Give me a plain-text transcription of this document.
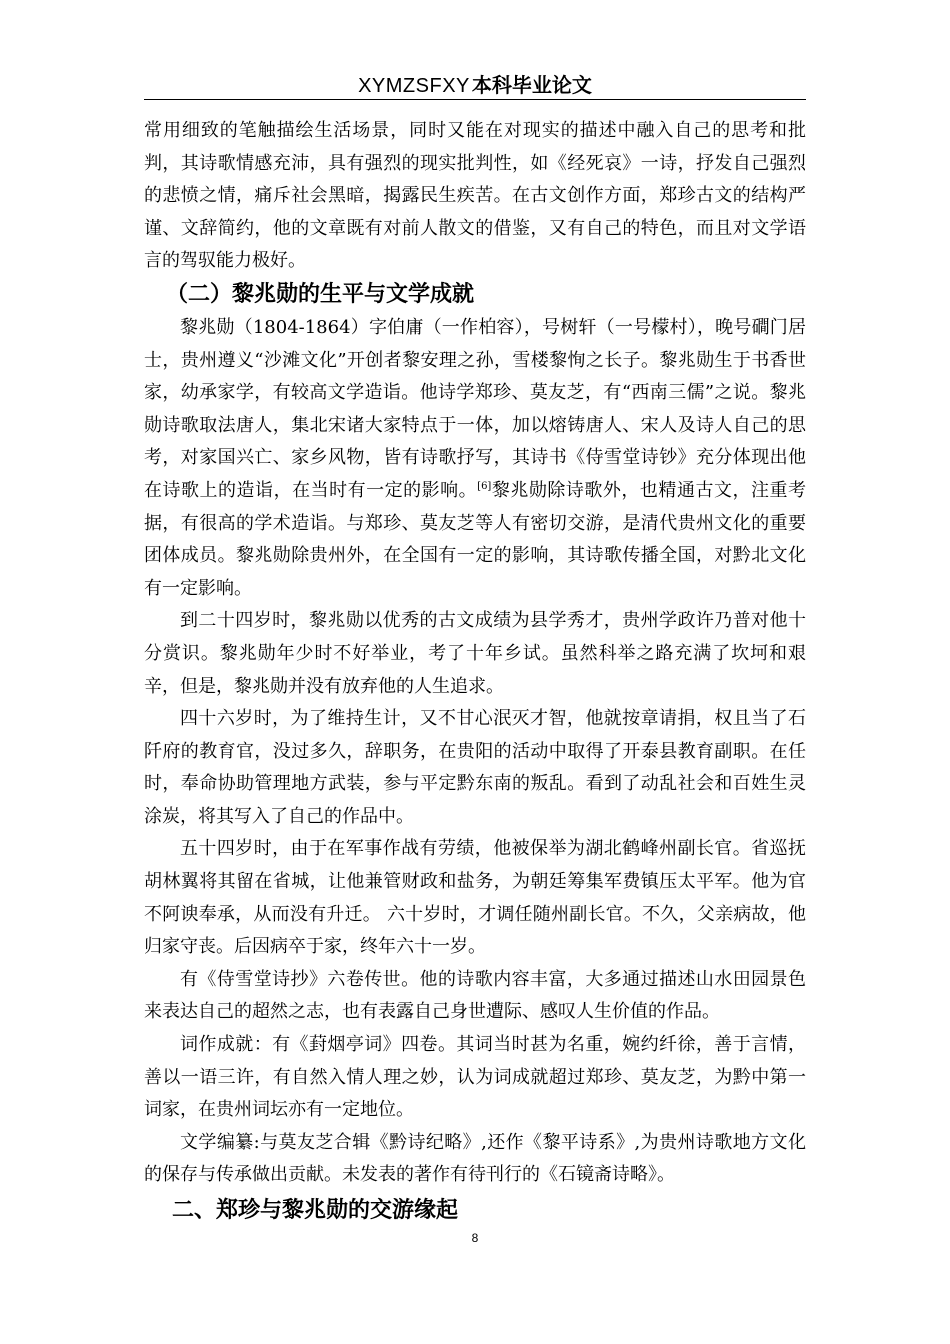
XYMZSFXY 本科毕业论文

常用细致的笔触描绘生活场景，同时又能在对现实的描述中融入自己的思考和批判，其诗歌情感充沛，具有强烈的现实批判性，如《经死哀》一诗，抒发自己强烈的悲愤之情，痛斥社会黑暗，揭露民生疾苦。在古文创作方面，郑珍古文的结构严谨、文辞简约，他的文章既有对前人散文的借鉴，又有自己的特色，而且对文学语言的驾驭能力极好。

（二）黎兆勋的生平与文学成就

黎兆勋（1804-1864）字伯庸（一作柏容），号树轩（一号檬村），晚号磵门居士，贵州遵义“沙滩文化”开创者黎安理之孙，雪楼黎恂之长子。黎兆勋生于书香世家，幼承家学，有较高文学造诣。他诗学郑珍、莫友芝，有“西南三儒”之说。黎兆勋诗歌取法唐人，集北宋诸大家特点于一体，加以熔铸唐人、宋人及诗人自己的思考，对家国兴亡、家乡风物，皆有诗歌抒写，其诗书《侍雪堂诗钞》充分体现出他在诗歌上的造诣，在当时有一定的影响。[6]黎兆勋除诗歌外，也精通古文，注重考据，有很高的学术造诣。与郑珍、莫友芝等人有密切交游，是清代贵州文化的重要团体成员。黎兆勋除贵州外，在全国有一定的影响，其诗歌传播全国，对黔北文化有一定影响。

到二十四岁时，黎兆勋以优秀的古文成绩为县学秀才，贵州学政许乃普对他十分赏识。黎兆勋年少时不好举业，考了十年乡试。虽然科举之路充满了坎坷和艰辛，但是，黎兆勋并没有放弃他的人生追求。

四十六岁时，为了维持生计，又不甘心泯灭才智，他就按章请捐，权且当了石阡府的教育官，没过多久，辞职务，在贵阳的活动中取得了开泰县教育副职。在任时，奉命协助管理地方武装，参与平定黔东南的叛乱。看到了动乱社会和百姓生灵涂炭，将其写入了自己的作品中。

五十四岁时，由于在军事作战有劳绩，他被保举为湖北鹤峰州副长官。省巡抚胡林翼将其留在省城，让他兼管财政和盐务，为朝廷筹集军费镇压太平军。他为官不阿谀奉承，从而没有升迁。 六十岁时，才调任随州副长官。不久，父亲病故，他归家守丧。后因病卒于家，终年六十一岁。

有《侍雪堂诗抄》六卷传世。他的诗歌内容丰富，大多通过描述山水田园景色来表达自己的超然之志，也有表露自己身世遭际、感叹人生价值的作品。

词作成就：有《葑烟亭词》四卷。其词当时甚为名重，婉约纤徐，善于言情，善以一语三许，有自然入情人理之妙，认为词成就超过郑珍、莫友芝，为黔中第一词家，在贵州词坛亦有一定地位。

文学编纂:与莫友芝合辑《黔诗纪略》,还作《黎平诗系》,为贵州诗歌地方文化的保存与传承做出贡献。未发表的著作有待刊行的《石镜斋诗略》。

二、郑珍与黎兆勋的交游缘起
8
